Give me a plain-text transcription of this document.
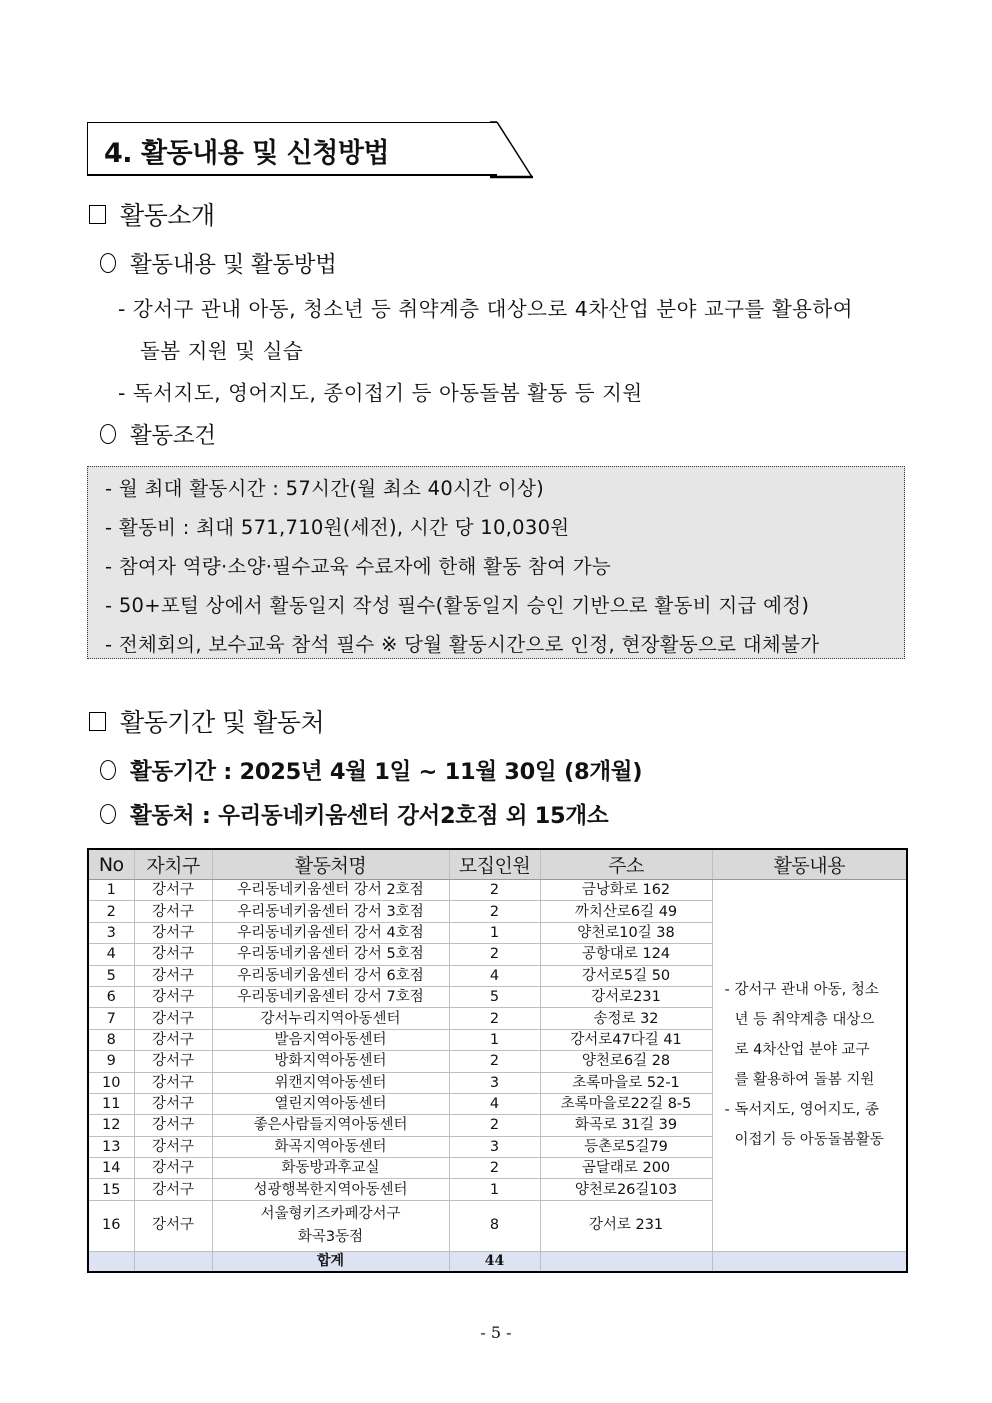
4. 활동내용 및 신청방법
활동소개
활동내용 및 활동방법
- 강서구 관내 아동, 청소년 등 취약계층 대상으로 4차산업 분야 교구를 활용하여
돌봄 지원 및 실습
- 독서지도, 영어지도, 종이접기 등 아동돌봄 활동 등 지원
활동조건
- 월 최대 활동시간 : 57시간(월 최소 40시간 이상)
- 활동비 : 최대 571,710원(세전), 시간 당 10,030원
- 참여자 역량·소양·필수교육 수료자에 한해 활동 참여 가능
- 50+포털 상에서 활동일지 작성 필수(활동일지 승인 기반으로 활동비 지급 예정)
- 전체회의, 보수교육 참석 필수 ※ 당월 활동시간으로 인정, 현장활동으로 대체불가
활동기간 및 활동처
활동기간 : 2025년 4월 1일 ~ 11월 30일 (8개월)
활동처 : 우리동네키움센터 강서2호점 외 15개소
No	자치구	활동처명	모집인원	주소	활동내용
1	강서구	우리동네키움센터 강서 2호점	2	금낭화로 162	
- 강서구 관내 아동, 청소
년 등 취약계층 대상으
로 4차산업 분야 교구
를 활용하여 돌봄 지원
- 독서지도, 영어지도, 종
이접기 등 아동돌봄활동

2	강서구	우리동네키움센터 강서 3호점	2	까치산로6길 49	
3	강서구	우리동네키움센터 강서 4호점	1	양천로10길 38	
4	강서구	우리동네키움센터 강서 5호점	2	공항대로 124	
5	강서구	우리동네키움센터 강서 6호점	4	강서로5길 50	
6	강서구	우리동네키움센터 강서 7호점	5	강서로231	
7	강서구	강서누리지역아동센터	2	송정로 32	
8	강서구	발음지역아동센터	1	강서로47다길 41	
9	강서구	방화지역아동센터	2	양천로6길 28	
10	강서구	위캔지역아동센터	3	초록마을로 52-1	
11	강서구	열린지역아동센터	4	초록마을로22길 8-5	
12	강서구	좋은사람들지역아동센터	2	화곡로 31길 39	
13	강서구	화곡지역아동센터	3	등촌로5길79	
14	강서구	화동방과후교실	2	곰달래로 200	
15	강서구	성광행복한지역아동센터	1	양천로26길103	
16	강서구	서울형키즈카페강서구
화곡3동점	8	강서로 231	
		합계	44		
- 5 -
